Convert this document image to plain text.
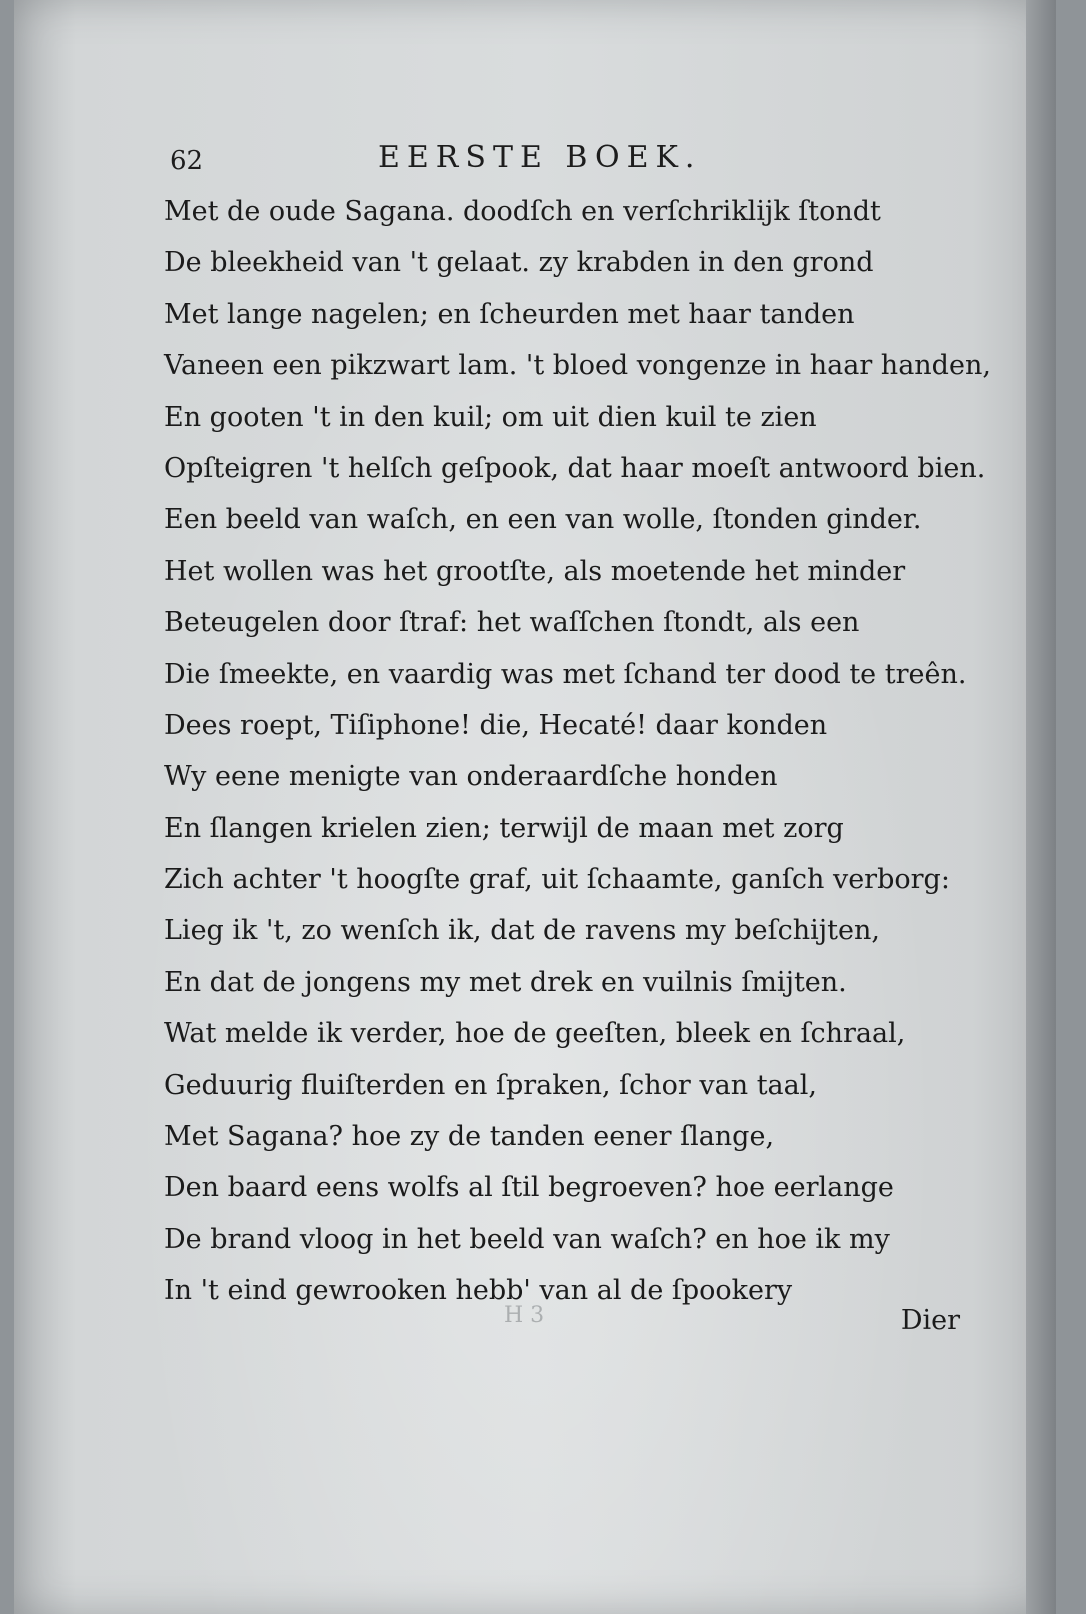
62	EERSTE BOEK.
Met de oude Sagana. doodſch en verſchriklijk ſtondt
De bleekheid van 't gelaat. zy krabden in den grond
Met lange nagelen; en ſcheurden met haar tanden
Vaneen een pikzwart lam. 't bloed vongenze in haar handen,
En gooten 't in den kuil; om uit dien kuil te zien
Opſteigren 't helſch geſpook, dat haar moeſt antwoord bien.
Een beeld van waſch, en een van wolle, ſtonden ginder.
Het wollen was het grootſte, als moetende het minder
Beteugelen door ſtraf: het waſſchen ſtondt, als een
Die ſmeekte, en vaardig was met ſchand ter dood te treên.
Dees roept, Tiſiphone! die, Hecaté! daar konden
Wy eene menigte van onderaardſche honden
En ſlangen krielen zien; terwijl de maan met zorg
Zich achter 't hoogſte graf, uit ſchaamte, ganſch verborg:
Lieg ik 't, zo wenſch ik, dat de ravens my beſchijten,
En dat de jongens my met drek en vuilnis ſmijten.
Wat melde ik verder, hoe de geeſten, bleek en ſchraal,
Geduurig fluiſterden en ſpraken, ſchor van taal,
Met Sagana? hoe zy de tanden eener ſlange,
Den baard eens wolfs al ſtil begroeven? hoe eerlange
De brand vloog in het beeld van waſch? en hoe ik my
In 't eind gewrooken hebb' van al de ſpookery
H 3	Dier
